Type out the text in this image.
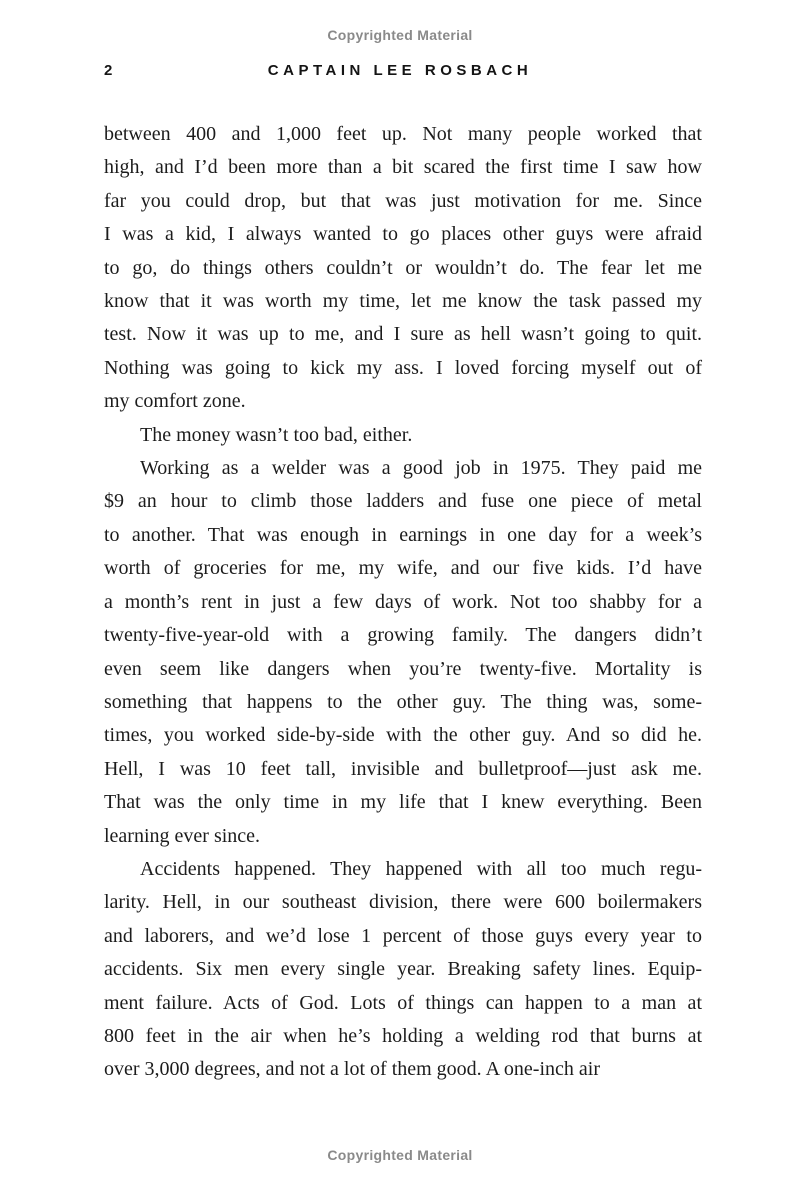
Copyrighted Material
2	CAPTAIN LEE ROSBACH
between 400 and 1,000 feet up. Not many people worked that
high, and I’d been more than a bit scared the first time I saw how
far you could drop, but that was just motivation for me. Since
I was a kid, I always wanted to go places other guys were afraid
to go, do things others couldn’t or wouldn’t do. The fear let me
know that it was worth my time, let me know the task passed my
test. Now it was up to me, and I sure as hell wasn’t going to quit.
Nothing was going to kick my ass. I loved forcing myself out of
my comfort zone.
The money wasn’t too bad, either.
Working as a welder was a good job in 1975. They paid me
$9 an hour to climb those ladders and fuse one piece of metal
to another. That was enough in earnings in one day for a week’s
worth of groceries for me, my wife, and our five kids. I’d have
a month’s rent in just a few days of work. Not too shabby for a
twenty-five-year-old with a growing family. The dangers didn’t
even seem like dangers when you’re twenty-five. Mortality is
something that happens to the other guy. The thing was, some-
times, you worked side-by-side with the other guy. And so did he.
Hell, I was 10 feet tall, invisible and bulletproof—just ask me.
That was the only time in my life that I knew everything. Been
learning ever since.
Accidents happened. They happened with all too much regu-
larity. Hell, in our southeast division, there were 600 boilermakers
and laborers, and we’d lose 1 percent of those guys every year to
accidents. Six men every single year. Breaking safety lines. Equip-
ment failure. Acts of God. Lots of things can happen to a man at
800 feet in the air when he’s holding a welding rod that burns at
over 3,000 degrees, and not a lot of them good. A one-inch air
Copyrighted Material
